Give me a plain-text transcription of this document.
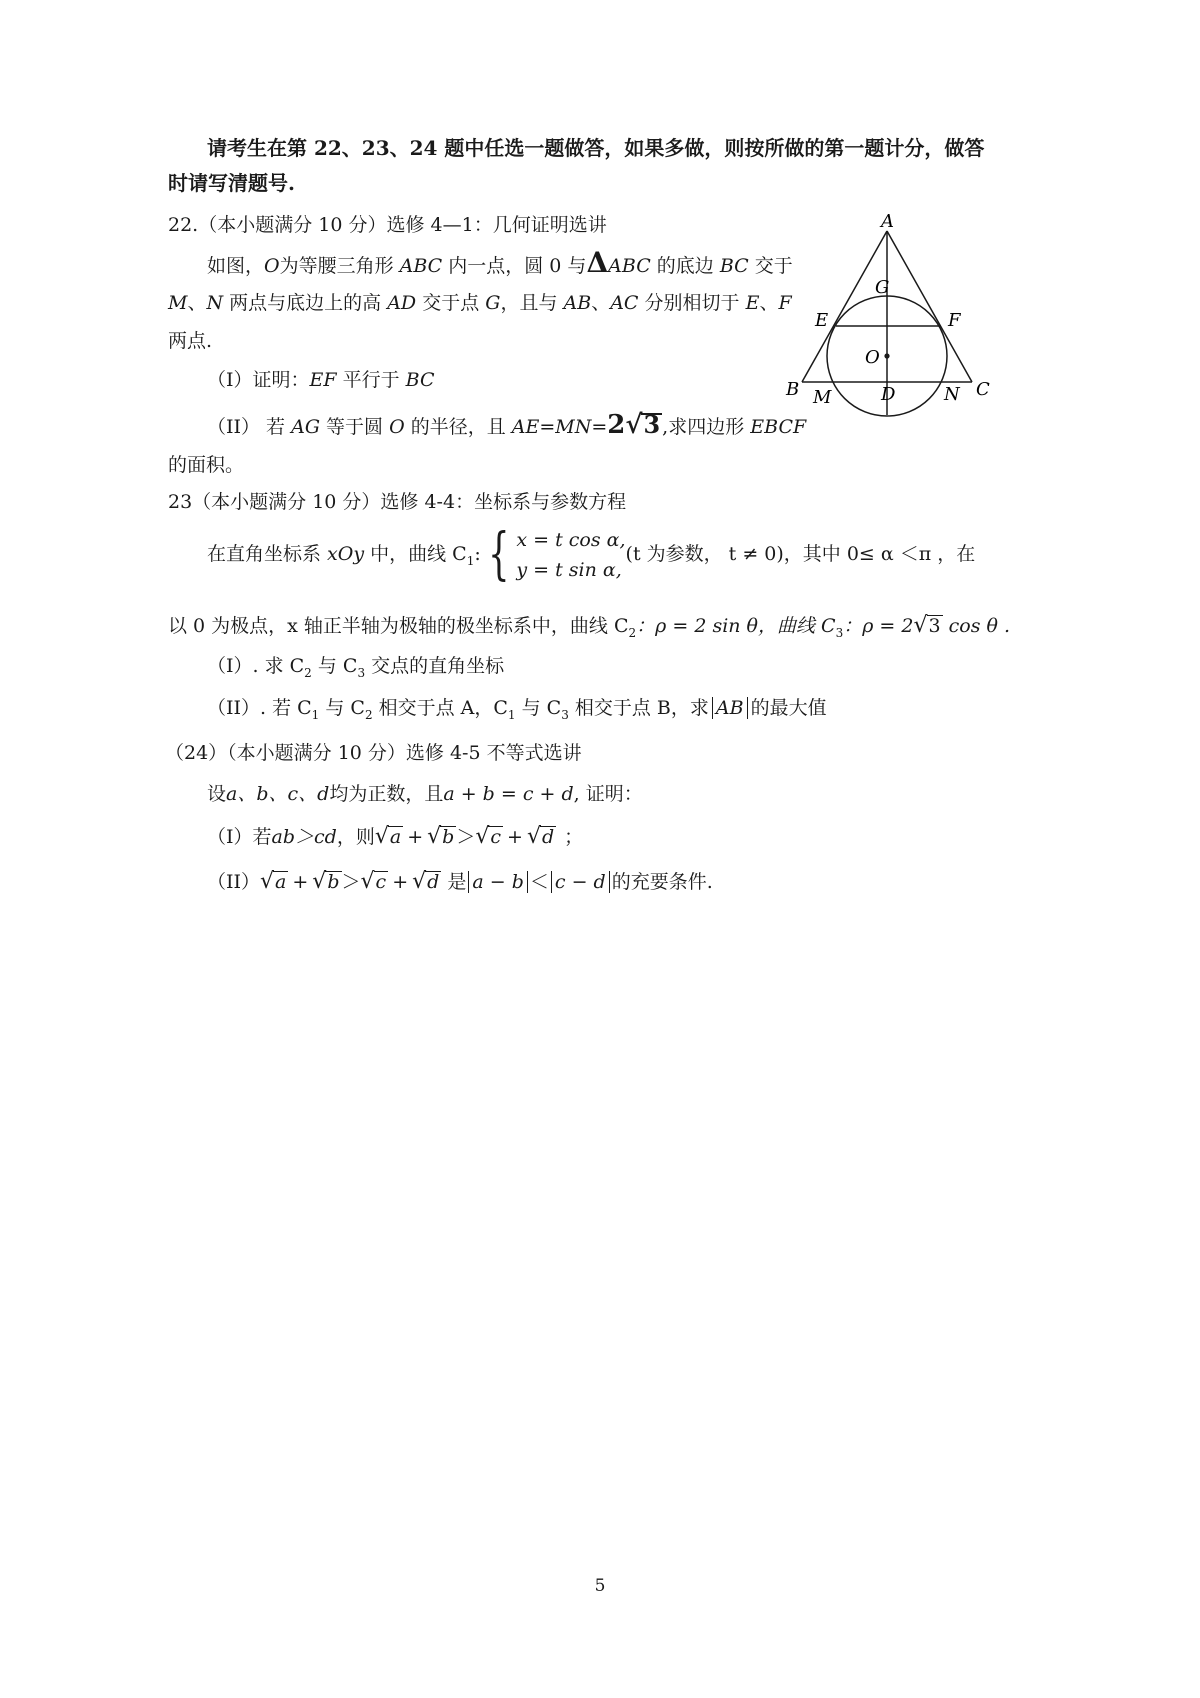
请考生在第 22、23、24 题中任选一题做答，如果多做，则按所做的第一题计分，做答
时请写清题号.
22.（本小题满分 10 分）选修 4—1：几何证明选讲
如图，O为等腰三角形 ABC 内一点，圆 0 与ΔABC 的底边 BC 交于
M、N 两点与底边上的高 AD 交于点 G，且与 AB、AC 分别相切于 E、F
两点.
（I）证明：EF 平行于 BC
（II） 若 AG 等于圆 O 的半径，且 AE=MN=2√3 ,求四边形 EBCF
的面积。
A
G
E	F
O
B M	D	N C
23（本小题满分 10 分）选修 4-4：坐标系与参数方程
在直角坐标系 xOy 中，曲线 $C_1$: { x = t cos α,
y = t sin α,
(t 为参数， t ≠ 0)，其中 0≤ α ＜π ，在
以 0 为极点，x 轴正半轴为极轴的极坐标系中，曲线 $C_2$：ρ = 2 sin θ，曲线 $C_3$：ρ = 2√3 cos θ .
（I）. 求 $C_2$ 与 $C_3$ 交点的直角坐标
（II）. 若 $C_1$ 与 $C_2$ 相交于点 A，$C_1$ 与 $C_3$ 相交于点 B，求 AB 的最大值
（24）（本小题满分 10 分）选修 4-5 不等式选讲
设a、b、c、d均为正数，且a + b = c + d, 证明：
（I）若ab＞cd，则√a + √b ＞√c + √d ；
（II）√a + √b ＞√c + √d 是 a − b ＜ c − d 的充要条件.
5
